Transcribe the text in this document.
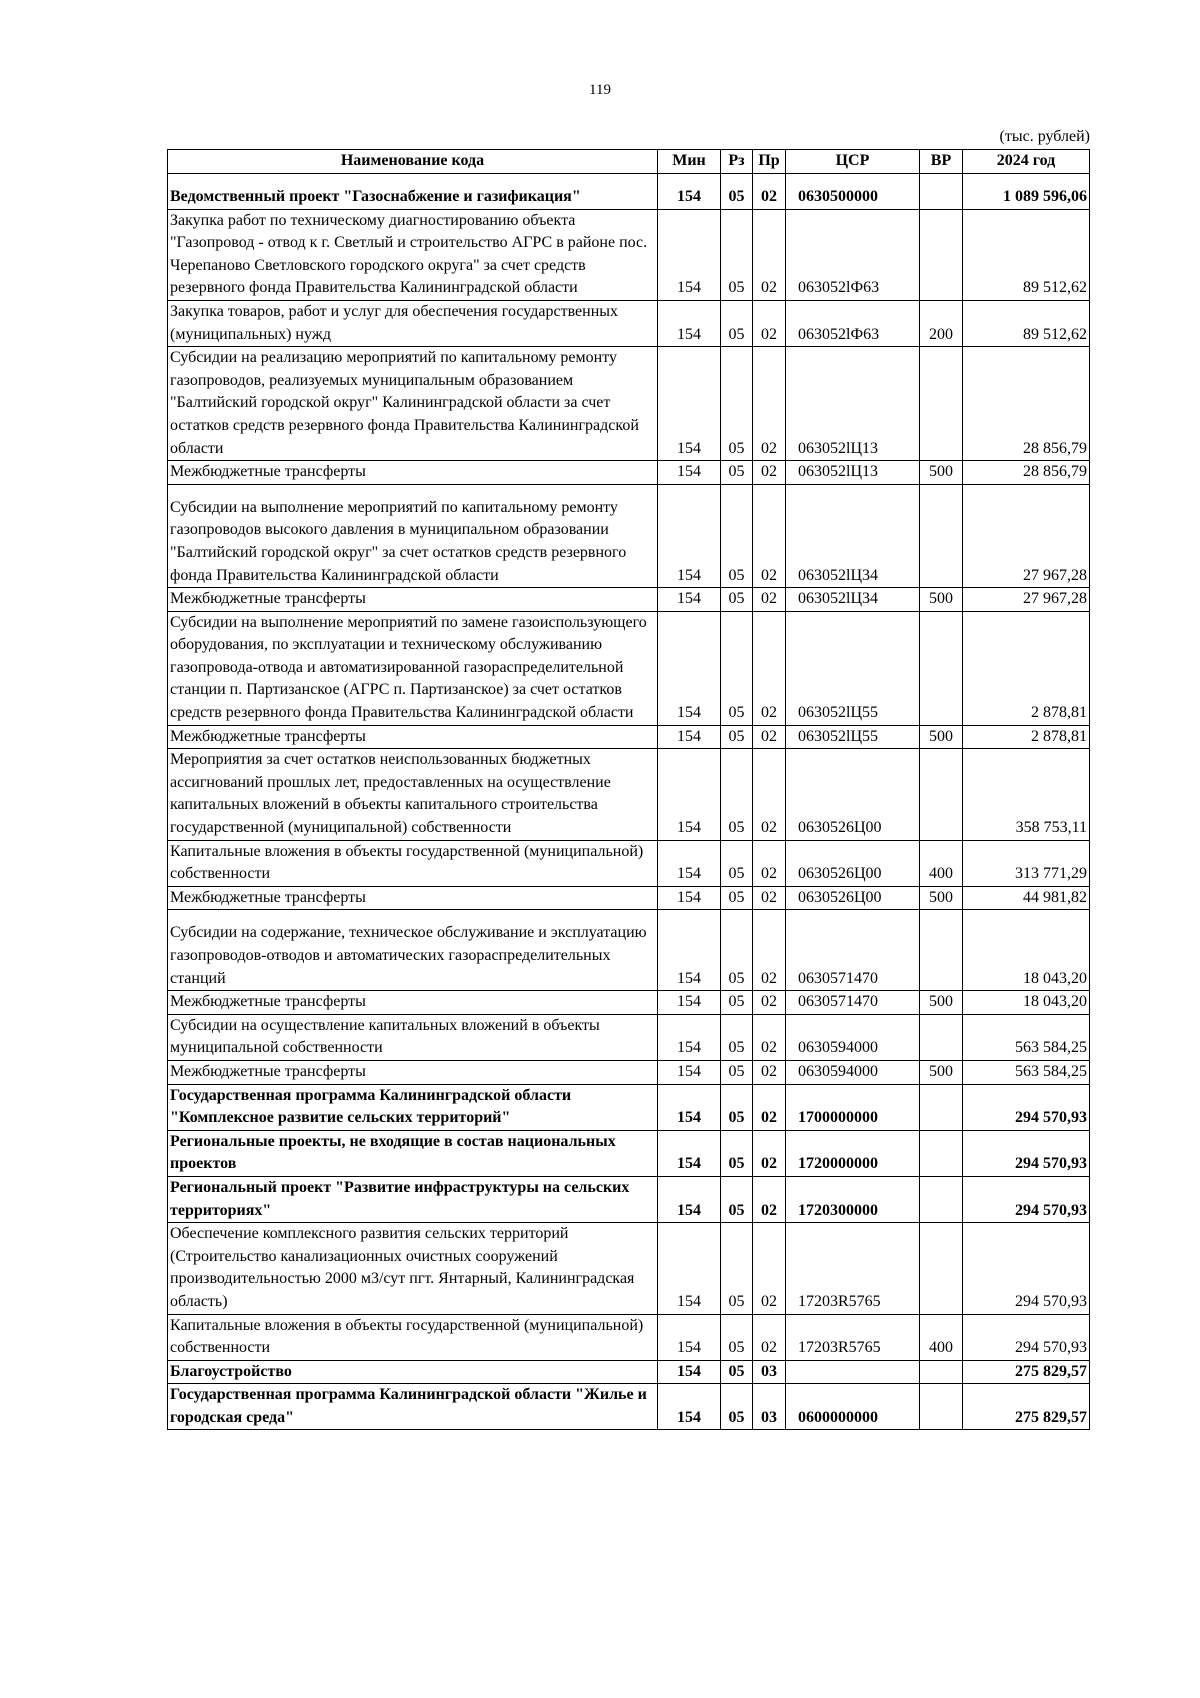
119
(тыс. рублей)
Наименование кода	Мин	Рз	Пр	ЦСР	ВР	2024 год
Ведомственный проект "Газоснабжение и газификация"	154	05	02	0630500000		1 089 596,06
Закупка работ по техническому диагностированию объекта "Газопровод - отвод к г. Светлый и строительство АГРС в районе пос. Черепаново Светловского городского округа" за счет средств резервного фонда Правительства Калининградской области	154	05	02	063052lФ63		89 512,62
Закупка товаров, работ и услуг для обеспечения государственных (муниципальных) нужд	154	05	02	063052lФ63	200	89 512,62
Субсидии на реализацию мероприятий по капитальному ремонту газопроводов, реализуемых муниципальным образованием "Балтийский городской округ" Калининградской области за счет остатков средств резервного фонда Правительства Калининградской области	154	05	02	063052lЦ13		28 856,79
Межбюджетные трансферты	154	05	02	063052lЦ13	500	28 856,79
Субсидии на выполнение мероприятий по капитальному ремонту газопроводов высокого давления в муниципальном образовании "Балтийский городской округ" за счет остатков средств резервного фонда Правительства Калининградской области	154	05	02	063052lЦ34		27 967,28
Межбюджетные трансферты	154	05	02	063052lЦ34	500	27 967,28
Субсидии на выполнение мероприятий по замене газоиспользующего оборудования, по эксплуатации и техническому обслуживанию газопровода-отвода и автоматизированной газораспределительной станции п. Партизанское (АГРС п. Партизанское) за счет остатков средств резервного фонда Правительства Калининградской области	154	05	02	063052lЦ55		2 878,81
Межбюджетные трансферты	154	05	02	063052lЦ55	500	2 878,81
Мероприятия за счет остатков неиспользованных бюджетных ассигнований прошлых лет, предоставленных на осуществление капитальных вложений в объекты капитального строительства государственной (муниципальной) собственности	154	05	02	0630526Ц00		358 753,11
Капитальные вложения в объекты государственной (муниципальной) собственности	154	05	02	0630526Ц00	400	313 771,29
Межбюджетные трансферты	154	05	02	0630526Ц00	500	44 981,82
Субсидии на содержание, техническое обслуживание и эксплуатацию газопроводов-отводов и автоматических газораспределительных станций	154	05	02	0630571470		18 043,20
Межбюджетные трансферты	154	05	02	0630571470	500	18 043,20
Субсидии на осуществление капитальных вложений в объекты муниципальной собственности	154	05	02	0630594000		563 584,25
Межбюджетные трансферты	154	05	02	0630594000	500	563 584,25
Государственная программа Калининградской области "Комплексное развитие сельских территорий"	154	05	02	1700000000		294 570,93
Региональные проекты, не входящие в состав национальных проектов	154	05	02	1720000000		294 570,93
Региональный проект "Развитие инфраструктуры на сельских территориях"	154	05	02	1720300000		294 570,93
Обеспечение комплексного развития сельских территорий (Строительство канализационных очистных сооружений производительностью 2000 м3/сут пгт. Янтарный, Калининградская область)	154	05	02	17203R5765		294 570,93
Капитальные вложения в объекты государственной (муниципальной) собственности	154	05	02	17203R5765	400	294 570,93
Благоустройство	154	05	03			275 829,57
Государственная программа Калининградской области "Жилье и городская среда"	154	05	03	0600000000		275 829,57
